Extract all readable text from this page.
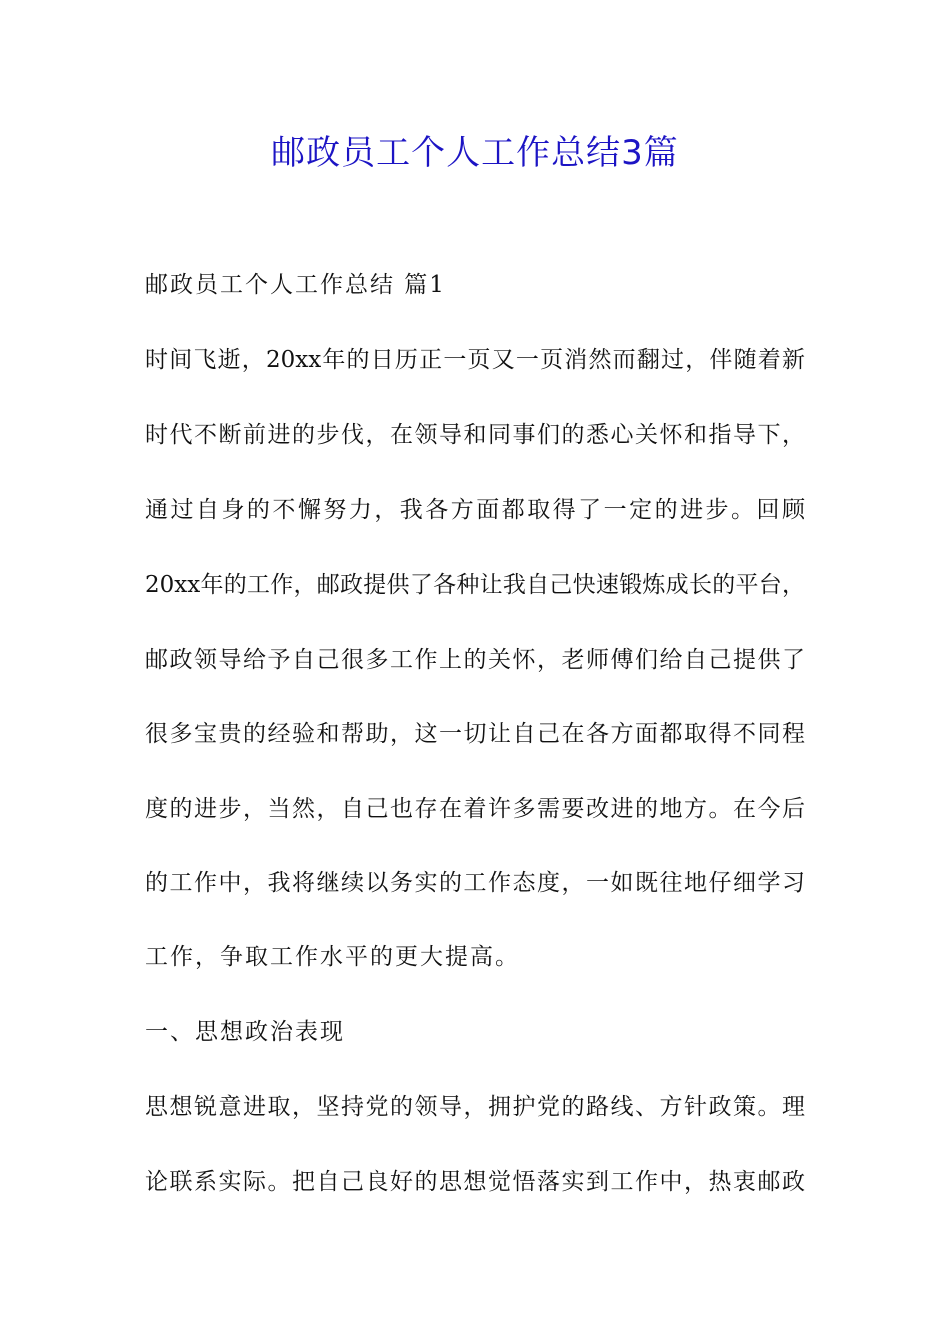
邮政员工个人工作总结3篇

邮政员工个人工作总结 篇1

时间飞逝，20xx年的日历正一页又一页消然而翻过，伴随着新

时代不断前进的步伐，在领导和同事们的悉心关怀和指导下，

通过自身的不懈努力，我各方面都取得了一定的进步。回顾

20xx年的工作，邮政提供了各种让我自己快速锻炼成长的平台，

邮政领导给予自己很多工作上的关怀，老师傅们给自己提供了

很多宝贵的经验和帮助，这一切让自己在各方面都取得不同程

度的进步，当然，自己也存在着许多需要改进的地方。在今后

的工作中，我将继续以务实的工作态度，一如既往地仔细学习

工作，争取工作水平的更大提高。

一、思想政治表现

思想锐意进取，坚持党的领导，拥护党的路线、方针政策。理

论联系实际。把自己良好的思想觉悟落实到工作中，热衷邮政
